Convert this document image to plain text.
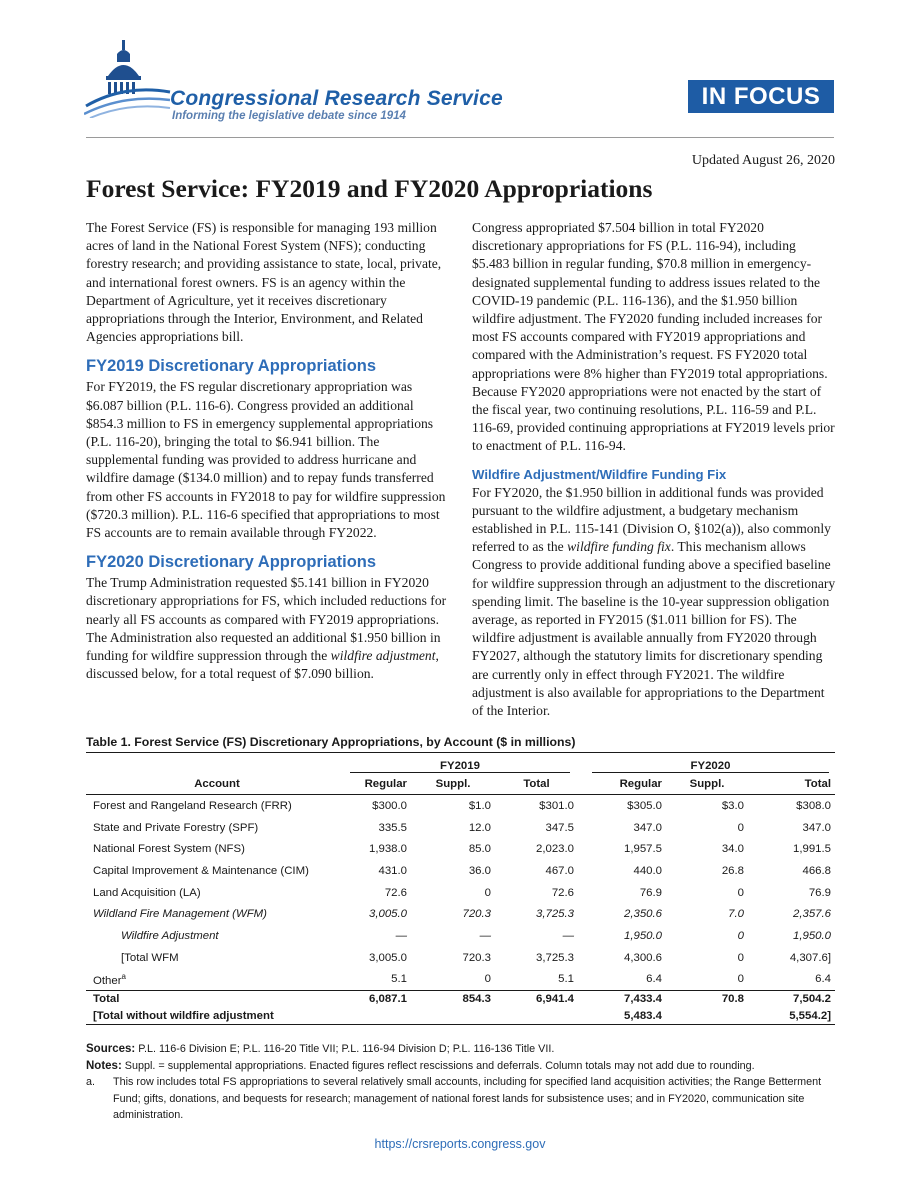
Congressional Research Service
Informing the legislative debate since 1914
IN FOCUS
Updated August 26, 2020
Forest Service: FY2019 and FY2020 Appropriations

The Forest Service (FS) is responsible for managing 193 million acres of land in the National Forest System (NFS); conducting forestry research; and providing assistance to state, local, private, and international forest owners. FS is an agency within the Department of Agriculture, yet it receives discretionary appropriations through the Interior, Environment, and Related Agencies appropriations bill.

FY2019 Discretionary Appropriations

For FY2019, the FS regular discretionary appropriation was $6.087 billion (P.L. 116-6). Congress provided an additional $854.3 million to FS in emergency supplemental appropriations (P.L. 116-20), bringing the total to $6.941 billion. The supplemental funding was provided to address hurricane and wildfire damage ($134.0 million) and to repay funds transferred from other FS accounts in FY2018 to pay for wildfire suppression ($720.3 million). P.L. 116-6 specified that appropriations to most FS accounts are to remain available through FY2022.

FY2020 Discretionary Appropriations

The Trump Administration requested $5.141 billion in FY2020 discretionary appropriations for FS, which included reductions for nearly all FS accounts as compared with FY2019 appropriations. The Administration also requested an additional $1.950 billion in funding for wildfire suppression through the wildfire adjustment, discussed below, for a total request of $7.090 billion.

Congress appropriated $7.504 billion in total FY2020 discretionary appropriations for FS (P.L. 116-94), including $5.483 billion in regular funding, $70.8 million in emergency-designated supplemental funding to address issues related to the COVID-19 pandemic (P.L. 116-136), and the $1.950 billion wildfire adjustment. The FY2020 funding included increases for most FS accounts compared with FY2019 appropriations and compared with the Administration’s request. FS FY2020 total appropriations were 8% higher than FY2019 total appropriations. Because FY2020 appropriations were not enacted by the start of the fiscal year, two continuing resolutions, P.L. 116-59 and P.L. 116-69, provided continuing appropriations at FY2019 levels prior to enactment of P.L. 116-94.

Wildfire Adjustment/Wildfire Funding Fix

For FY2020, the $1.950 billion in additional funds was provided pursuant to the wildfire adjustment, a budgetary mechanism established in P.L. 115-141 (Division O, §102(a)), also commonly referred to as the wildfire funding fix. This mechanism allows Congress to provide additional funding above a specified baseline for wildfire suppression through an adjustment to the discretionary spending limit. The baseline is the 10-year suppression obligation average, as reported in FY2015 ($1.011 billion for FS). The wildfire adjustment is available annually from FY2020 through FY2027, although the statutory limits for discretionary spending are currently only in effect through FY2021. The wildfire adjustment is also available for appropriations to the Department of the Interior.

Table 1. Forest Service (FS) Discretionary Appropriations, by Account ($ in millions)

	FY2019			FY2020		

Account	Regular	Suppl.	Total	Regular	Suppl.	Total
Forest and Rangeland Research (FRR)	$300.0	$1.0	$301.0	$305.0	$3.0	$308.0
State and Private Forestry (SPF)	335.5	12.0	347.5	347.0	0	347.0
National Forest System (NFS)	1,938.0	85.0	2,023.0	1,957.5	34.0	1,991.5
Capital Improvement & Maintenance (CIM)	431.0	36.0	467.0	440.0	26.8	466.8
Land Acquisition (LA)	72.6	0	72.6	76.9	0	76.9
Wildland Fire Management (WFM)	3,005.0	720.3	3,725.3	2,350.6	7.0	2,357.6
Wildfire Adjustment	—	—	—	1,950.0	0	1,950.0
[Total WFM	3,005.0	720.3	3,725.3	4,300.6	0	4,307.6]
Other$^a$	5.1	0	5.1	6.4	0	6.4
Total	6,087.1	854.3	6,941.4	7,433.4	70.8	7,504.2
[Total without wildfire adjustment				5,483.4		5,554.2]
Sources: P.L. 116-6 Division E; P.L. 116-20 Title VII; P.L. 116-94 Division D; P.L. 116-136 Title VII.
Notes: Suppl. = supplemental appropriations. Enacted figures reflect rescissions and deferrals. Column totals may not add due to rounding.
a.	This row includes total FS appropriations to several relatively small accounts, including for specified land acquisition activities; the Range Betterment Fund; gifts, donations, and bequests for research; management of national forest lands for subsistence uses; and in FY2020, communication site administration.
https://crsreports.congress.gov
